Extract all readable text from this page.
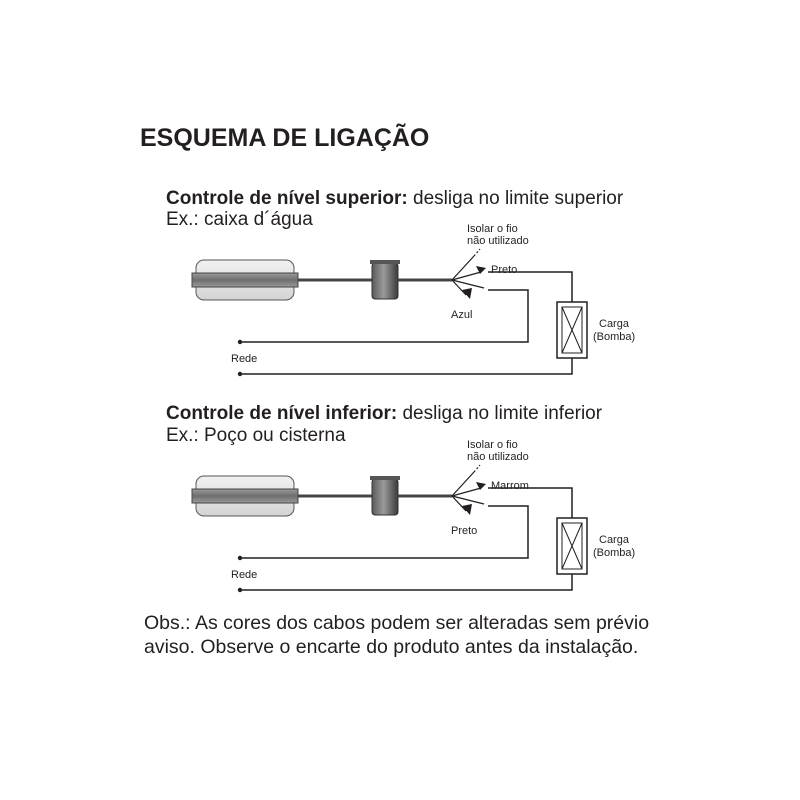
ESQUEMA DE LIGAÇÃO
Controle de nível superior: desliga no limite superior
Ex.: caixa d´água	Isolar o fio
não utilizado
Preto
Azul
Carga
(Bomba)
Rede
Controle de nível inferior: desliga no limite inferior
Ex.: Poço ou cisterna	Isolar o fio
não utilizado
Marrom
Preto
Carga
(Bomba)
Rede
Obs.: As cores dos cabos podem ser alteradas sem prévio aviso. Observe o encarte do produto antes da instalação.
